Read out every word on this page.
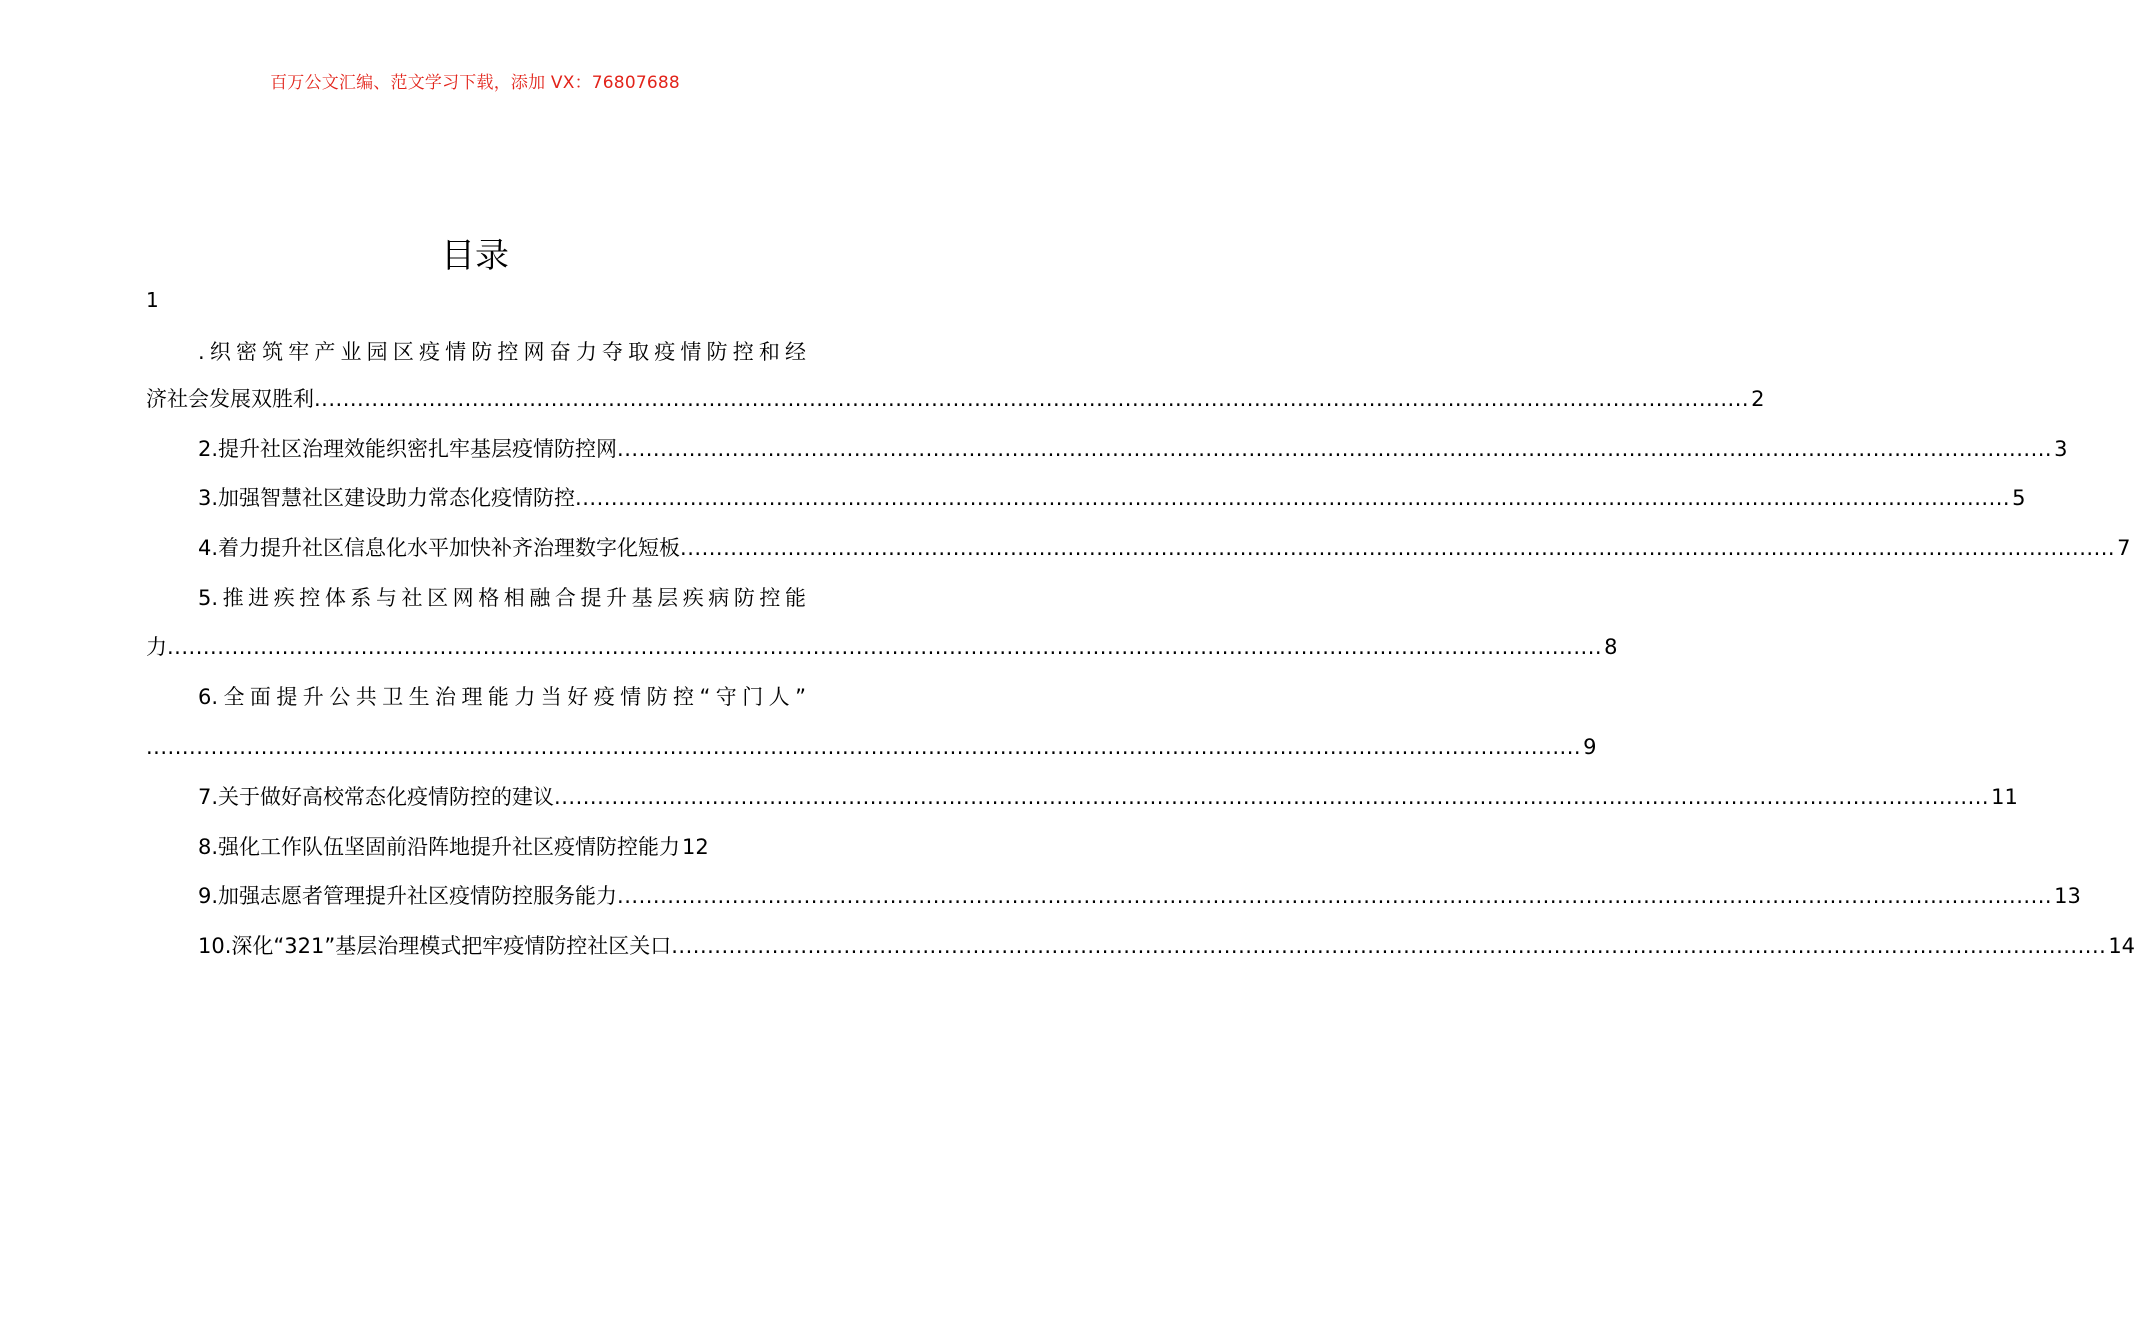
百万公文汇编、范文学习下载，添加 VX：76807688
目录
1
.织密筑牢产业园区疫情防控网奋力夺取疫情防控和经
济社会发展双胜利 ........................................................................................................................................................................................................ 2
2.提升社区治理效能织密扎牢基层疫情防控网 ........................................................................................................................................................................................................ 3
3.加强智慧社区建设助力常态化疫情防控 ........................................................................................................................................................................................................ 5
4.着力提升社区信息化水平加快补齐治理数字化短板 ........................................................................................................................................................................................................ 7
5.推进疾控体系与社区网格相融合提升基层疾病防控能
力 ........................................................................................................................................................................................................ 8
6.全面提升公共卫生治理能力当好疫情防控“守门人”
........................................................................................................................................................................................................ 9
7.关于做好高校常态化疫情防控的建议 ........................................................................................................................................................................................................ 11
8.强化工作队伍坚固前沿阵地提升社区疫情防控能力 12
9.加强志愿者管理提升社区疫情防控服务能力 ........................................................................................................................................................................................................ 13
10.深化“321”基层治理模式把牢疫情防控社区关口 ........................................................................................................................................................................................................ 14
